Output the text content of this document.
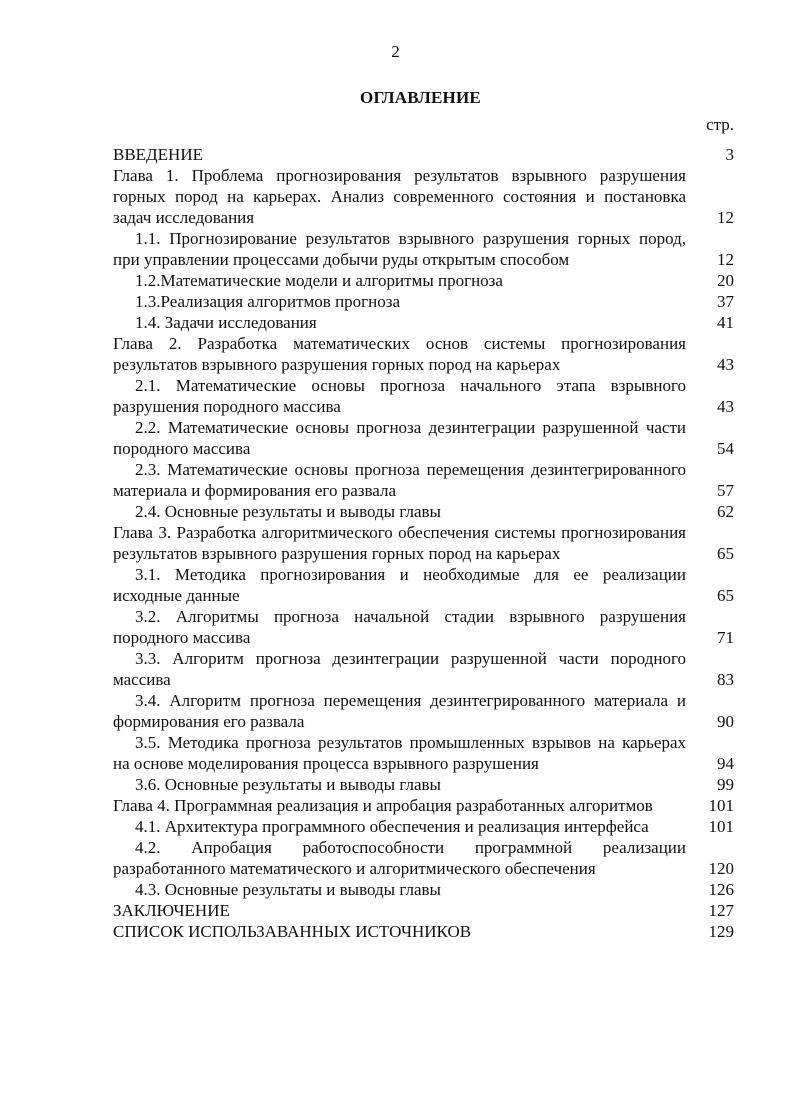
2
ОГЛАВЛЕНИЕ
стр.
ВВЕДЕНИЕ	3
Глава 1. Проблема прогнозирования результатов взрывного разрушения горных пород на карьерах. Анализ современного состояния и постановка задач исследования	12
1.1. Прогнозирование результатов взрывного разрушения горных пород, при управлении процессами добычи руды открытым способом	12
1.2.Математические модели и алгоритмы прогноза	20
1.3.Реализация алгоритмов прогноза	37
1.4. Задачи исследования	41
Глава 2. Разработка математических основ системы прогнозирования результатов взрывного разрушения горных пород на карьерах	43
2.1. Математические основы прогноза начального этапа взрывного разрушения породного массива	43
2.2. Математические основы прогноза дезинтеграции разрушенной части породного массива	54
2.3. Математические основы прогноза перемещения дезинтегрированного материала и формирования его развала	57
2.4. Основные результаты и выводы главы	62
Глава 3. Разработка алгоритмического обеспечения системы прогнозирования результатов взрывного разрушения горных пород на карьерах	65
3.1. Методика прогнозирования и необходимые для ее реализации исходные данные	65
3.2. Алгоритмы прогноза начальной стадии взрывного разрушения породного массива	71
3.3. Алгоритм прогноза дезинтеграции разрушенной части породного массива	83
3.4. Алгоритм прогноза перемещения дезинтегрированного материала и формирования его развала	90
3.5. Методика прогноза результатов промышленных взрывов на карьерах на основе моделирования процесса взрывного разрушения	94
3.6. Основные результаты и выводы главы	99
Глава 4. Программная реализация и апробация разработанных алгоритмов	101
4.1. Архитектура программного обеспечения и реализация интерфейса	101
4.2. Апробация работоспособности программной реализации разработанного математического и алгоритмического обеспечения	120
4.3. Основные результаты и выводы главы	126
ЗАКЛЮЧЕНИЕ	127
СПИСОК ИСПОЛЬЗАВАННЫХ ИСТОЧНИКОВ	129
